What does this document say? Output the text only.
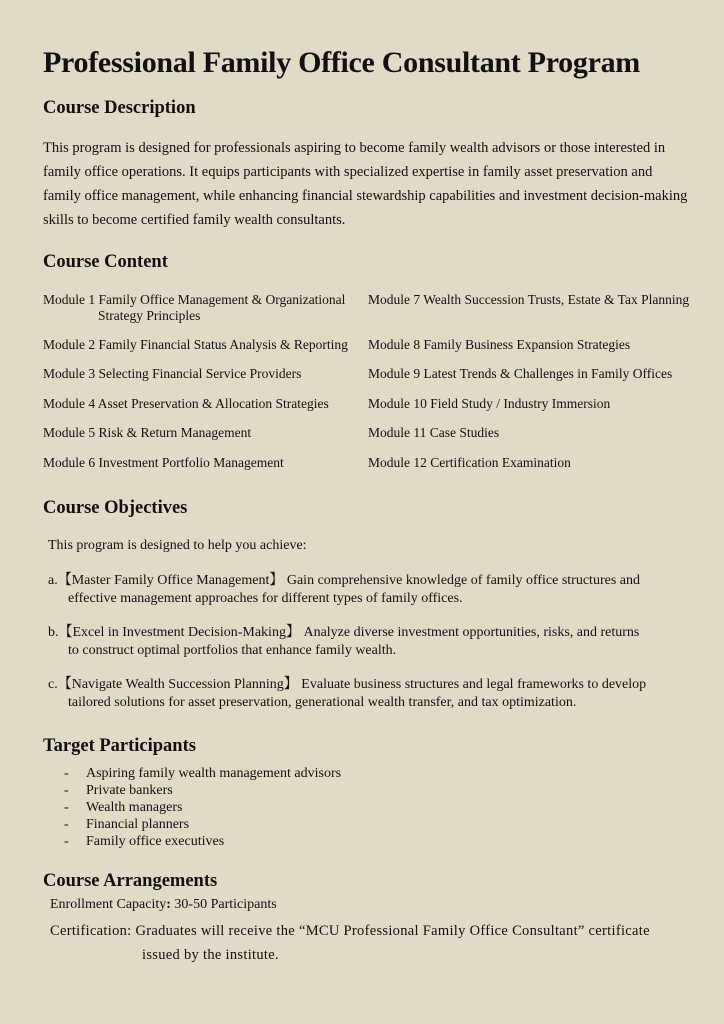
Professional Family Office Consultant Program
Course Description

This program is designed for professionals aspiring to become family wealth advisors or those interested in family office operations. It equips participants with specialized expertise in family asset preservation and family office management, while enhancing financial stewardship capabilities and investment decision-making skills to become certified family wealth consultants.

Course Content
Module 1 Family Office Management & Organizational
Strategy Principles
Module 2 Family Financial Status Analysis & Reporting
Module 3 Selecting Financial Service Providers
Module 4 Asset Preservation & Allocation Strategies
Module 5 Risk & Return Management
Module 6 Investment Portfolio Management
Module 7 Wealth Succession Trusts, Estate & Tax Planning
Module 8 Family Business Expansion Strategies
Module 9 Latest Trends & Challenges in Family Offices
Module 10 Field Study / Industry Immersion
Module 11 Case Studies
Module 12 Certification Examination
Course Objectives

This program is designed to help you achieve:

a.【Master Family Office Management】 Gain comprehensive knowledge of family office structures and
effective management approaches for different types of family offices.

b.【Excel in Investment Decision-Making】 Analyze diverse investment opportunities, risks, and returns
to construct optimal portfolios that enhance family wealth.

c.【Navigate Wealth Succession Planning】 Evaluate business structures and legal frameworks to develop
tailored solutions for asset preservation, generational wealth transfer, and tax optimization.

Target Participants
- Aspiring family wealth management advisors
- Private bankers
- Wealth managers
- Financial planners
- Family office executives
Course Arrangements

Enrollment Capacity: 30-50 Participants

Certification: Graduates will receive the “MCU Professional Family Office Consultant” certificate
issued by the institute.
